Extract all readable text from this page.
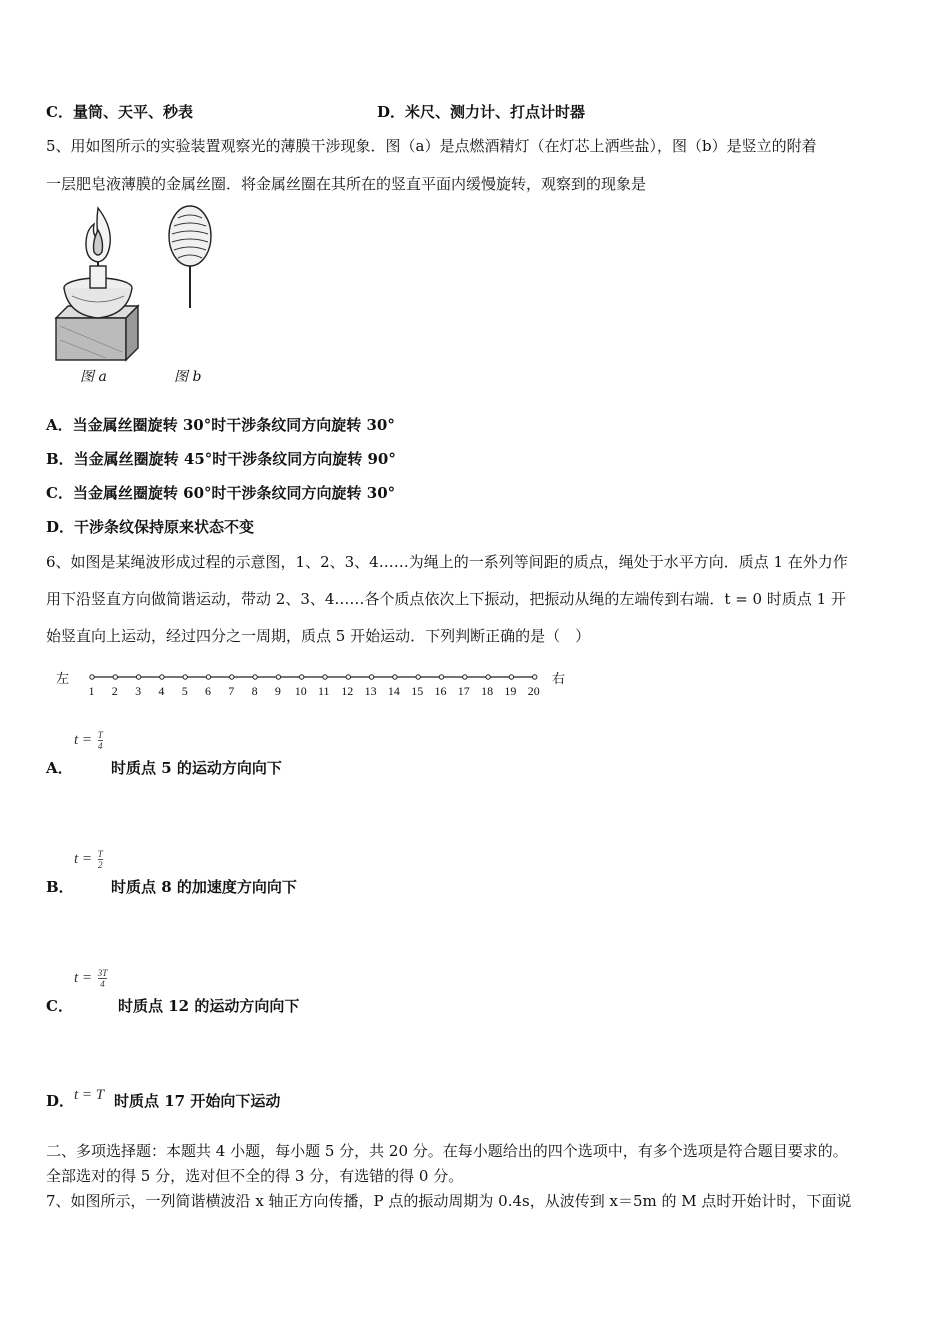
C．量筒、天平、秒表	D．米尺、测力计、打点计时器
5、用如图所示的实验装置观察光的薄膜干涉现象．图（a）是点燃酒精灯（在灯芯上洒些盐），图（b）是竖立的附着
一层肥皂液薄膜的金属丝圈．将金属丝圈在其所在的竖直平面内缓慢旋转，观察到的现象是
图 a	图 b
A．当金属丝圈旋转 30°时干涉条纹同方向旋转 30°
B．当金属丝圈旋转 45°时干涉条纹同方向旋转 90°
C．当金属丝圈旋转 60°时干涉条纹同方向旋转 30°
D．干涉条纹保持原来状态不变
6、如图是某绳波形成过程的示意图，1、2、3、4……为绳上的一系列等间距的质点，绳处于水平方向．质点 1 在外力作
用下沿竖直方向做简谐运动，带动 2、3、4……各个质点依次上下振动，把振动从绳的左端传到右端．t = 0 时质点 1 开
始竖直向上运动，经过四分之一周期，质点 5 开始运动．下列判断正确的是（　）
左	右
1 2 3 4 5 6 7 8 9 10 11 12 13 14 15 16 17 18 19 20
$t = \frac{T}{4}$
A．	时质点 5 的运动方向向下
$t = \frac{T}{2}$
B． 时质点 8 的加速度方向向下
$t = \frac{3T}{4}$
C．	时质点 12 的运动方向向下
D． t = T 时质点 17 开始向下运动
二、多项选择题：本题共 4 小题，每小题 5 分，共 20 分。在每小题给出的四个选项中，有多个选项是符合题目要求的。
全部选对的得 5 分，选对但不全的得 3 分，有选错的得 0 分。
7、如图所示，一列简谐横波沿 x 轴正方向传播，P 点的振动周期为 0.4s，从波传到 x＝5m 的 M 点时开始计时，下面说
